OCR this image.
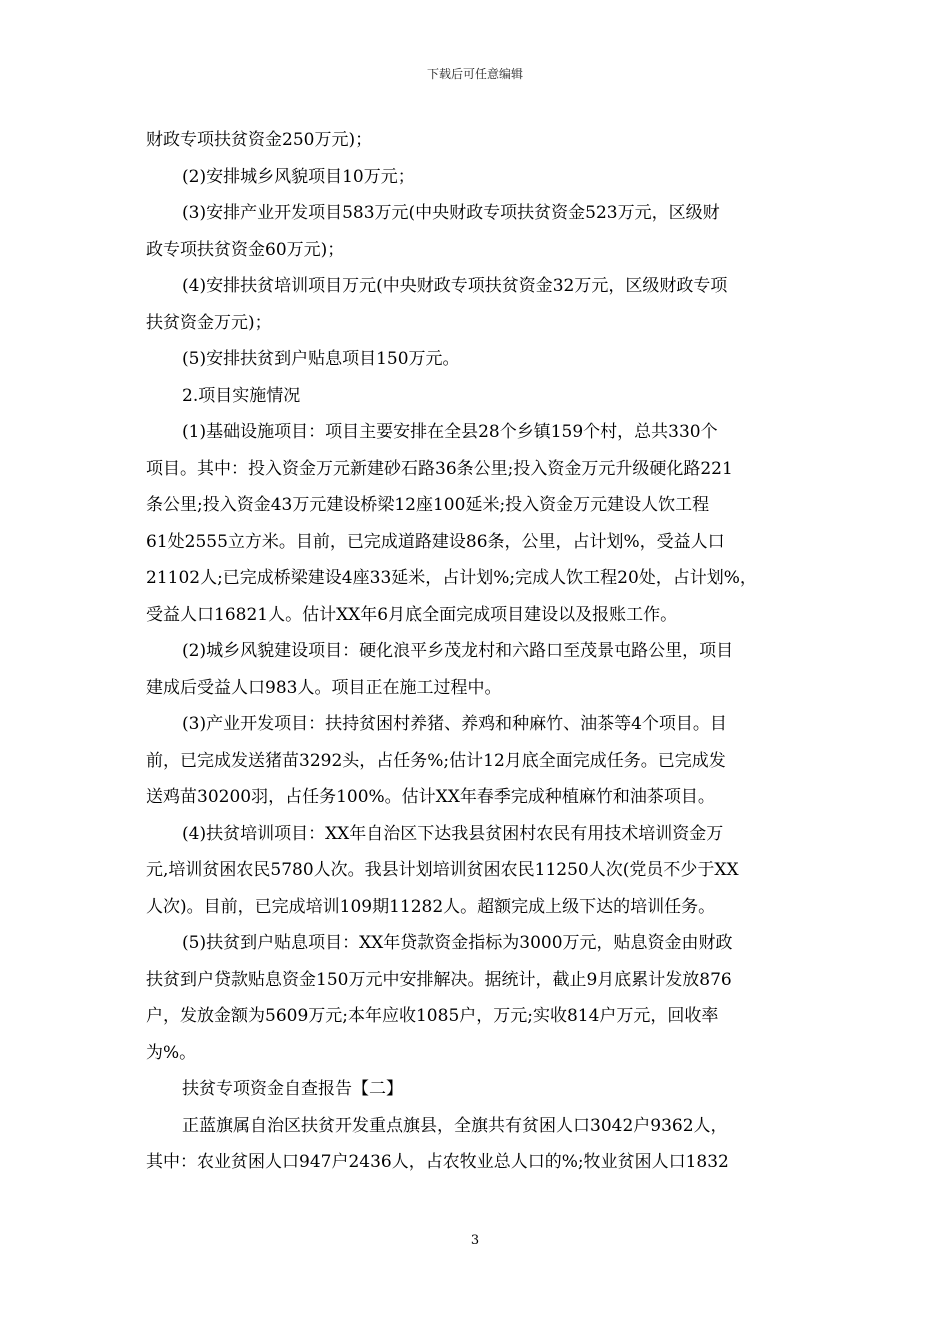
下载后可任意编辑
财政专项扶贫资金250万元)；
(2)安排城乡风貌项目10万元；
(3)安排产业开发项目583万元(中央财政专项扶贫资金523万元，区级财
政专项扶贫资金60万元)；
(4)安排扶贫培训项目万元(中央财政专项扶贫资金32万元，区级财政专项
扶贫资金万元)；
(5)安排扶贫到户贴息项目150万元。
2.项目实施情况
(1)基础设施项目：项目主要安排在全县28个乡镇159个村，总共330个
项目。其中：投入资金万元新建砂石路36条公里;投入资金万元升级硬化路221
条公里;投入资金43万元建设桥梁12座100延米;投入资金万元建设人饮工程
61处2555立方米。目前，已完成道路建设86条，公里，占计划%，受益人口
21102人;已完成桥梁建设4座33延米，占计划%;完成人饮工程20处，占计划%，
受益人口16821人。估计XX年6月底全面完成项目建设以及报账工作。
(2)城乡风貌建设项目：硬化浪平乡茂龙村和六路口至茂景屯路公里，项目
建成后受益人口983人。项目正在施工过程中。
(3)产业开发项目：扶持贫困村养猪、养鸡和种麻竹、油茶等4个项目。目
前，已完成发送猪苗3292头，占任务%;估计12月底全面完成任务。已完成发
送鸡苗30200羽，占任务100%。估计XX年春季完成种植麻竹和油茶项目。
(4)扶贫培训项目：XX年自治区下达我县贫困村农民有用技术培训资金万
元,培训贫困农民5780人次。我县计划培训贫困农民11250人次(党员不少于XX
人次)。目前，已完成培训109期11282人。超额完成上级下达的培训任务。
(5)扶贫到户贴息项目：XX年贷款资金指标为3000万元，贴息资金由财政
扶贫到户贷款贴息资金150万元中安排解决。据统计，截止9月底累计发放876
户，发放金额为5609万元;本年应收1085户，万元;实收814户万元，回收率
为%。
扶贫专项资金自查报告【二】
正蓝旗属自治区扶贫开发重点旗县，全旗共有贫困人口3042户9362人，
其中：农业贫困人口947户2436人，占农牧业总人口的%;牧业贫困人口1832
3
